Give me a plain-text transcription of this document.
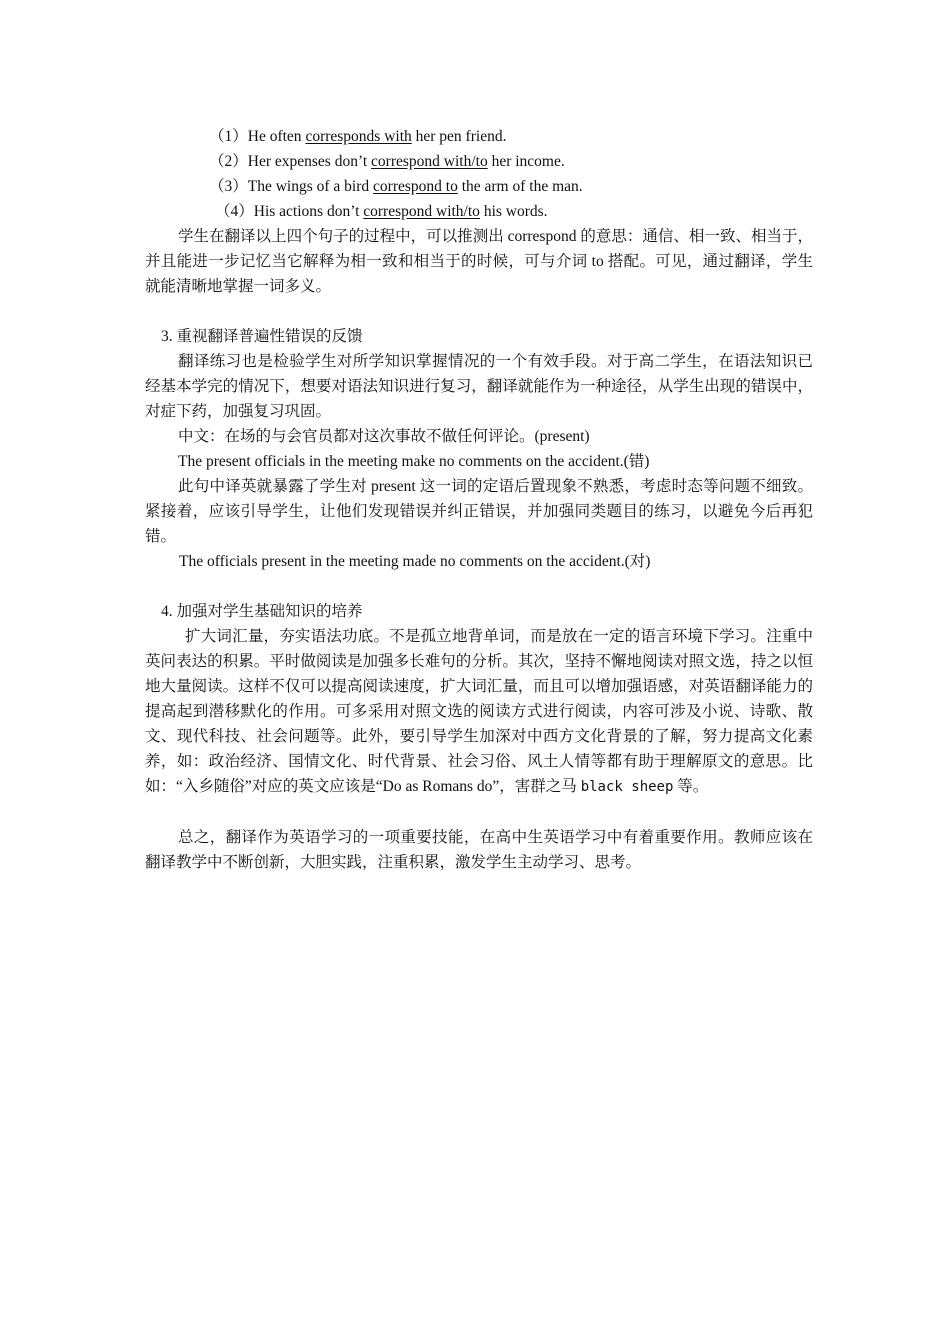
（1）He often corresponds with her pen friend.
（2）Her expenses don’t correspond with/to her income.
（3）The wings of a bird correspond to the arm of the man.
（4）His actions don’t correspond with/to his words.

学生在翻译以上四个句子的过程中，可以推测出 correspond 的意思：通信、相一致、相当于，并且能进一步记忆当它解释为相一致和相当于的时候，可与介词 to 搭配。可见，通过翻译，学生就能清晰地掌握一词多义。

3. 重视翻译普遍性错误的反馈

翻译练习也是检验学生对所学知识掌握情况的一个有效手段。对于高二学生，在语法知识已经基本学完的情况下，想要对语法知识进行复习，翻译就能作为一种途径，从学生出现的错误中，对症下药，加强复习巩固。

中文：在场的与会官员都对这次事故不做任何评论。(present)
The present officials in the meeting make no comments on the accident.(错)

此句中译英就暴露了学生对 present 这一词的定语后置现象不熟悉，考虑时态等问题不细致。紧接着，应该引导学生，让他们发现错误并纠正错误，并加强同类题目的练习，以避免今后再犯错。

The officials present in the meeting made no comments on the accident.(对)
4. 加强对学生基础知识的培养

扩大词汇量，夯实语法功底。不是孤立地背单词，而是放在一定的语言环境下学习。注重中英问表达的积累。平时做阅读是加强多长难句的分析。其次，坚持不懈地阅读对照文选，持之以恒地大量阅读。这样不仅可以提高阅读速度，扩大词汇量，而且可以增加强语感，对英语翻译能力的提高起到潜移默化的作用。可多采用对照文选的阅读方式进行阅读，内容可涉及小说、诗歌、散文、现代科技、社会问题等。此外，要引导学生加深对中西方文化背景的了解，努力提高文化素养，如：政治经济、国情文化、时代背景、社会习俗、风土人情等都有助于理解原文的意思。比如：“入乡随俗”对应的英文应该是“Do as Romans do”，害群之马 black sheep 等。

总之，翻译作为英语学习的一项重要技能，在高中生英语学习中有着重要作用。教师应该在翻译教学中不断创新，大胆实践，注重积累，激发学生主动学习、思考。
